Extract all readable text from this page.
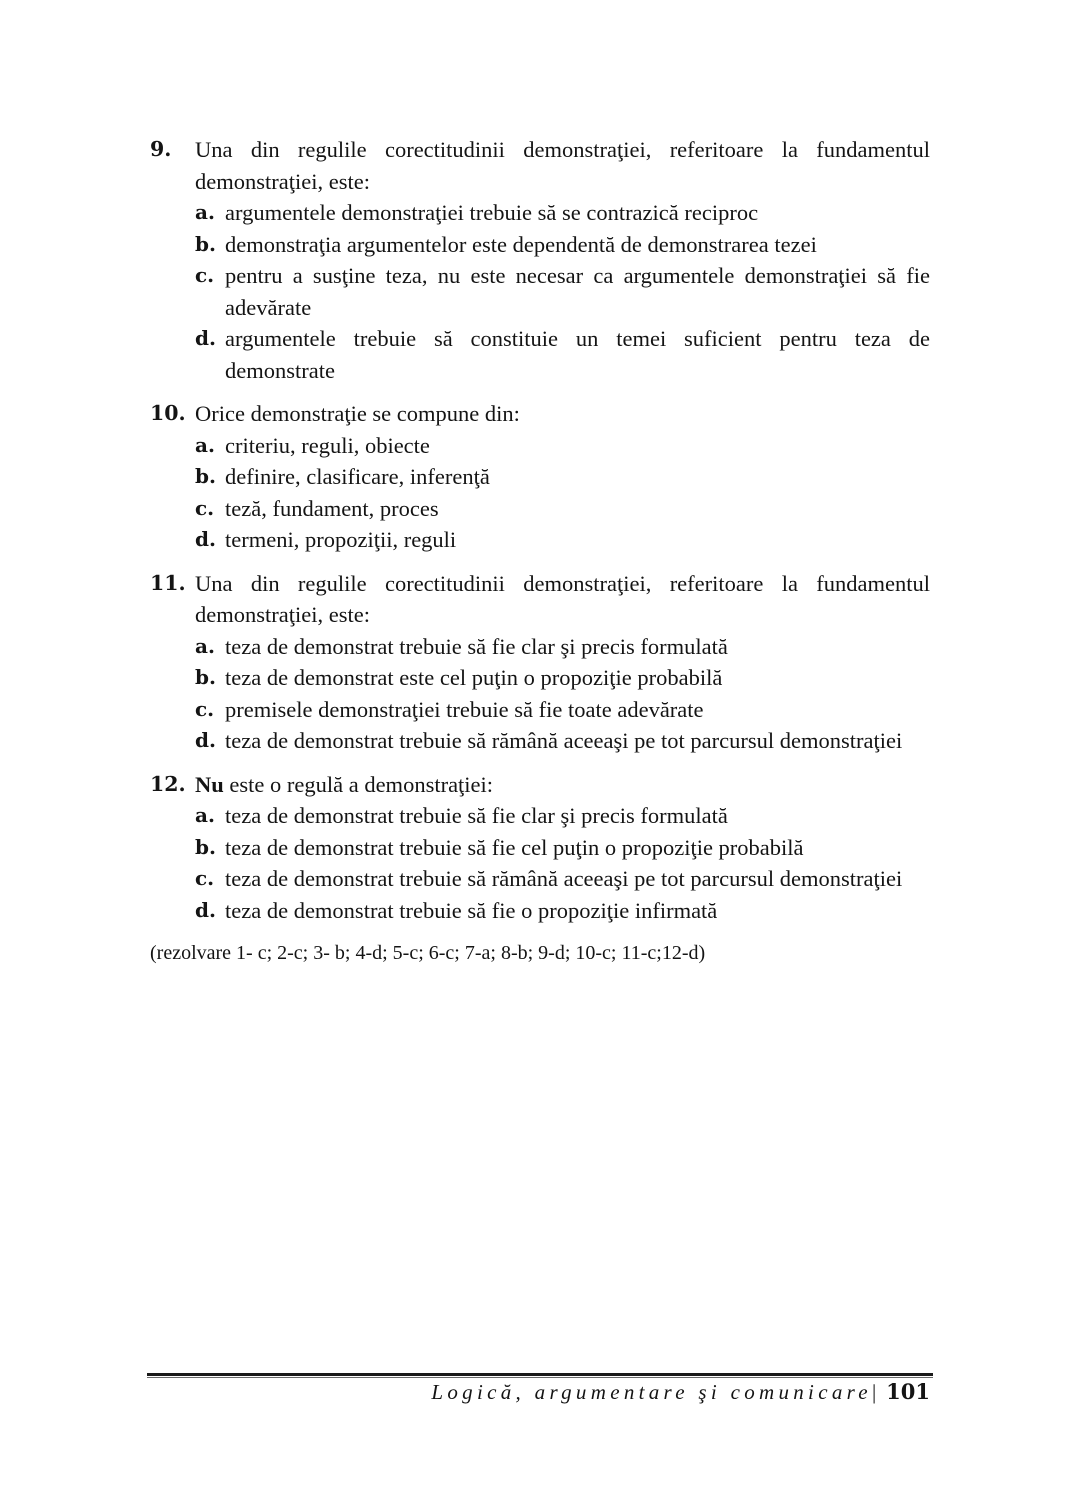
9.	Una din regulile corectitudinii demonstraţiei, referitoare la fundamentul demonstraţiei, este:
a. argumentele demonstraţiei trebuie să se contrazică reciproc
b. demonstraţia argumentelor este dependentă de demonstrarea tezei
c. pentru a susţine teza, nu este necesar ca argumentele demonstraţiei să fie adevărate
d. argumentele trebuie să constituie un temei suficient pentru teza de demonstrate
10. Orice demonstraţie se compune din:
a. criteriu, reguli, obiecte
b. definire, clasificare, inferenţă
c. teză, fundament, proces
d. termeni, propoziţii, reguli
11. Una din regulile corectitudinii demonstraţiei, referitoare la fundamentul demonstraţiei, este:
a. teza de demonstrat trebuie să fie clar şi precis formulată
b. teza de demonstrat este cel puţin o propoziţie probabilă
c. premisele demonstraţiei trebuie să fie toate adevărate
d. teza de demonstrat trebuie să rămână aceeaşi pe tot parcursul demonstraţiei
12. Nu este o regulă a demonstraţiei:
a. teza de demonstrat trebuie să fie clar şi precis formulată
b. teza de demonstrat trebuie să fie cel puţin o propoziţie probabilă
c. teza de demonstrat trebuie să rămână aceeaşi pe tot parcursul demonstraţiei
d. teza de demonstrat trebuie să fie o propoziţie infirmată
(rezolvare 1- c; 2-c; 3- b; 4-d; 5-c; 6-c; 7-a; 8-b; 9-d; 10-c; 11-c;12-d)
Logică, argumentare şi comunicare | 101
